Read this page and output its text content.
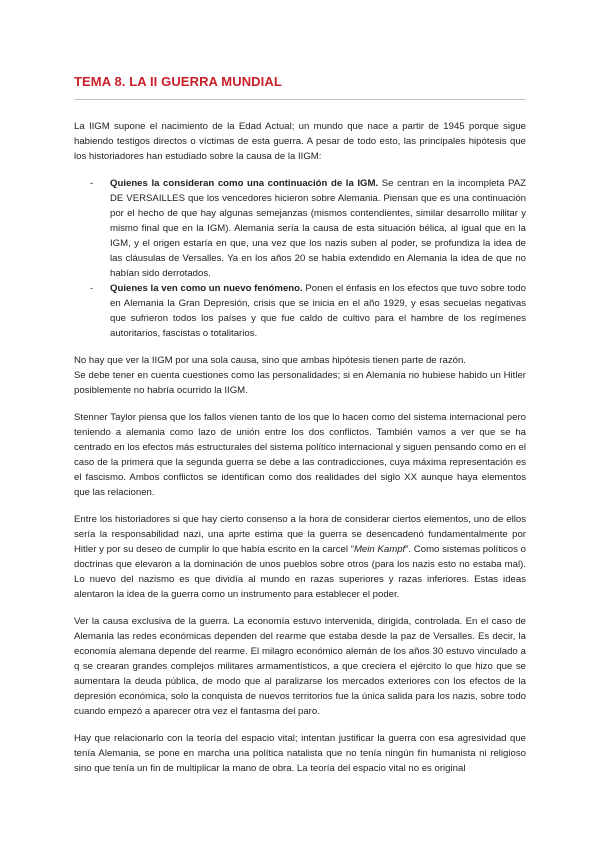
TEMA 8. LA II GUERRA MUNDIAL

La IIGM supone el nacimiento de la Edad Actual; un mundo que nace a partir de 1945 porque sigue habiendo testigos directos o víctimas de esta guerra. A pesar de todo esto, las principales hipótesis que los historiadores han estudiado sobre la causa de la IIGM:

- Quienes la consideran como una continuación de la IGM. Se centran en la incompleta PAZ DE VERSAILLES que los vencedores hicieron sobre Alemania. Piensan que es una continuación por el hecho de que hay algunas semejanzas (mismos contendientes, similar desarrollo militar y mismo final que en la IGM). Alemania sería la causa de esta situación bélica, al igual que en la IGM, y el origen estaría en que, una vez que los nazis suben al poder, se profundiza la idea de las cláusulas de Versalles. Ya en los años 20 se había extendido en Alemania la idea de que no habían sido derrotados.
- Quienes la ven como un nuevo fenómeno. Ponen el énfasis en los efectos que tuvo sobre todo en Alemania la Gran Depresión, crisis que se inicia en el año 1929, y esas secuelas negativas que sufrieron todos los países y que fue caldo de cultivo para el hambre de los regímenes autoritarios, fascistas o totalitarios.

No hay que ver la IIGM por una sola causa, sino que ambas hipótesis tienen parte de razón.

Se debe tener en cuenta cuestiones como las personalidades; si en Alemania no hubiese habido un Hitler posiblemente no habría ocurrido la IIGM.

Stenner Taylor piensa que los fallos vienen tanto de los que lo hacen como del sistema internacional pero teniendo a alemania como lazo de unión entre los dos conflictos. También vamos a ver que se ha centrado en los efectos más estructurales del sistema político internacional y siguen pensando como en el caso de la primera que la segunda guerra se debe a las contradicciones, cuya máxima representación es el fascismo. Ambos conflictos se identifican como dos realidades del siglo XX aunque haya elementos que las relacionen.

Entre los historiadores si que hay cierto consenso a la hora de considerar ciertos elementos, uno de ellos sería la responsabilidad nazi, una aprte estima que la guerra se desencadenó fundamentalmente por Hitler y por su deseo de cumplir lo que había escrito en la carcel “Mein Kampf”. Como sistemas políticos o doctrinas que elevaron a la dominación de unos pueblos sobre otros (para los nazis esto no estaba mal). Lo nuevo del nazismo es que dividía al mundo en razas superiores y razas inferiores. Estas ideas alentaron la idea de la guerra como un instrumento para establecer el poder.

Ver la causa exclusiva de la guerra. La economía estuvo intervenida, dirigida, controlada. En el caso de Alemania las redes económicas dependen del rearme que estaba desde la paz de Versalles. Es decir, la economía alemana depende del rearme. El milagro económico alemán de los años 30 estuvo vinculado a q se crearan grandes complejos militares armamentísticos, a que creciera el ejército lo que hizo que se aumentara la deuda pública, de modo que al paralizarse los mercados exteriores con los efectos de la depresión económica, solo la conquista de nuevos territorios fue la única salida para los nazis, sobre todo cuando empezó a aparecer otra vez el fantasma del paro.

Hay que relacionarlo con la teoría del espacio vital; intentan justificar la guerra con esa agresividad que tenía Alemania, se pone en marcha una política natalista que no tenía ningún fin humanista ni religioso sino que tenía un fin de multiplicar la mano de obra. La teoría del espacio vital no es original
